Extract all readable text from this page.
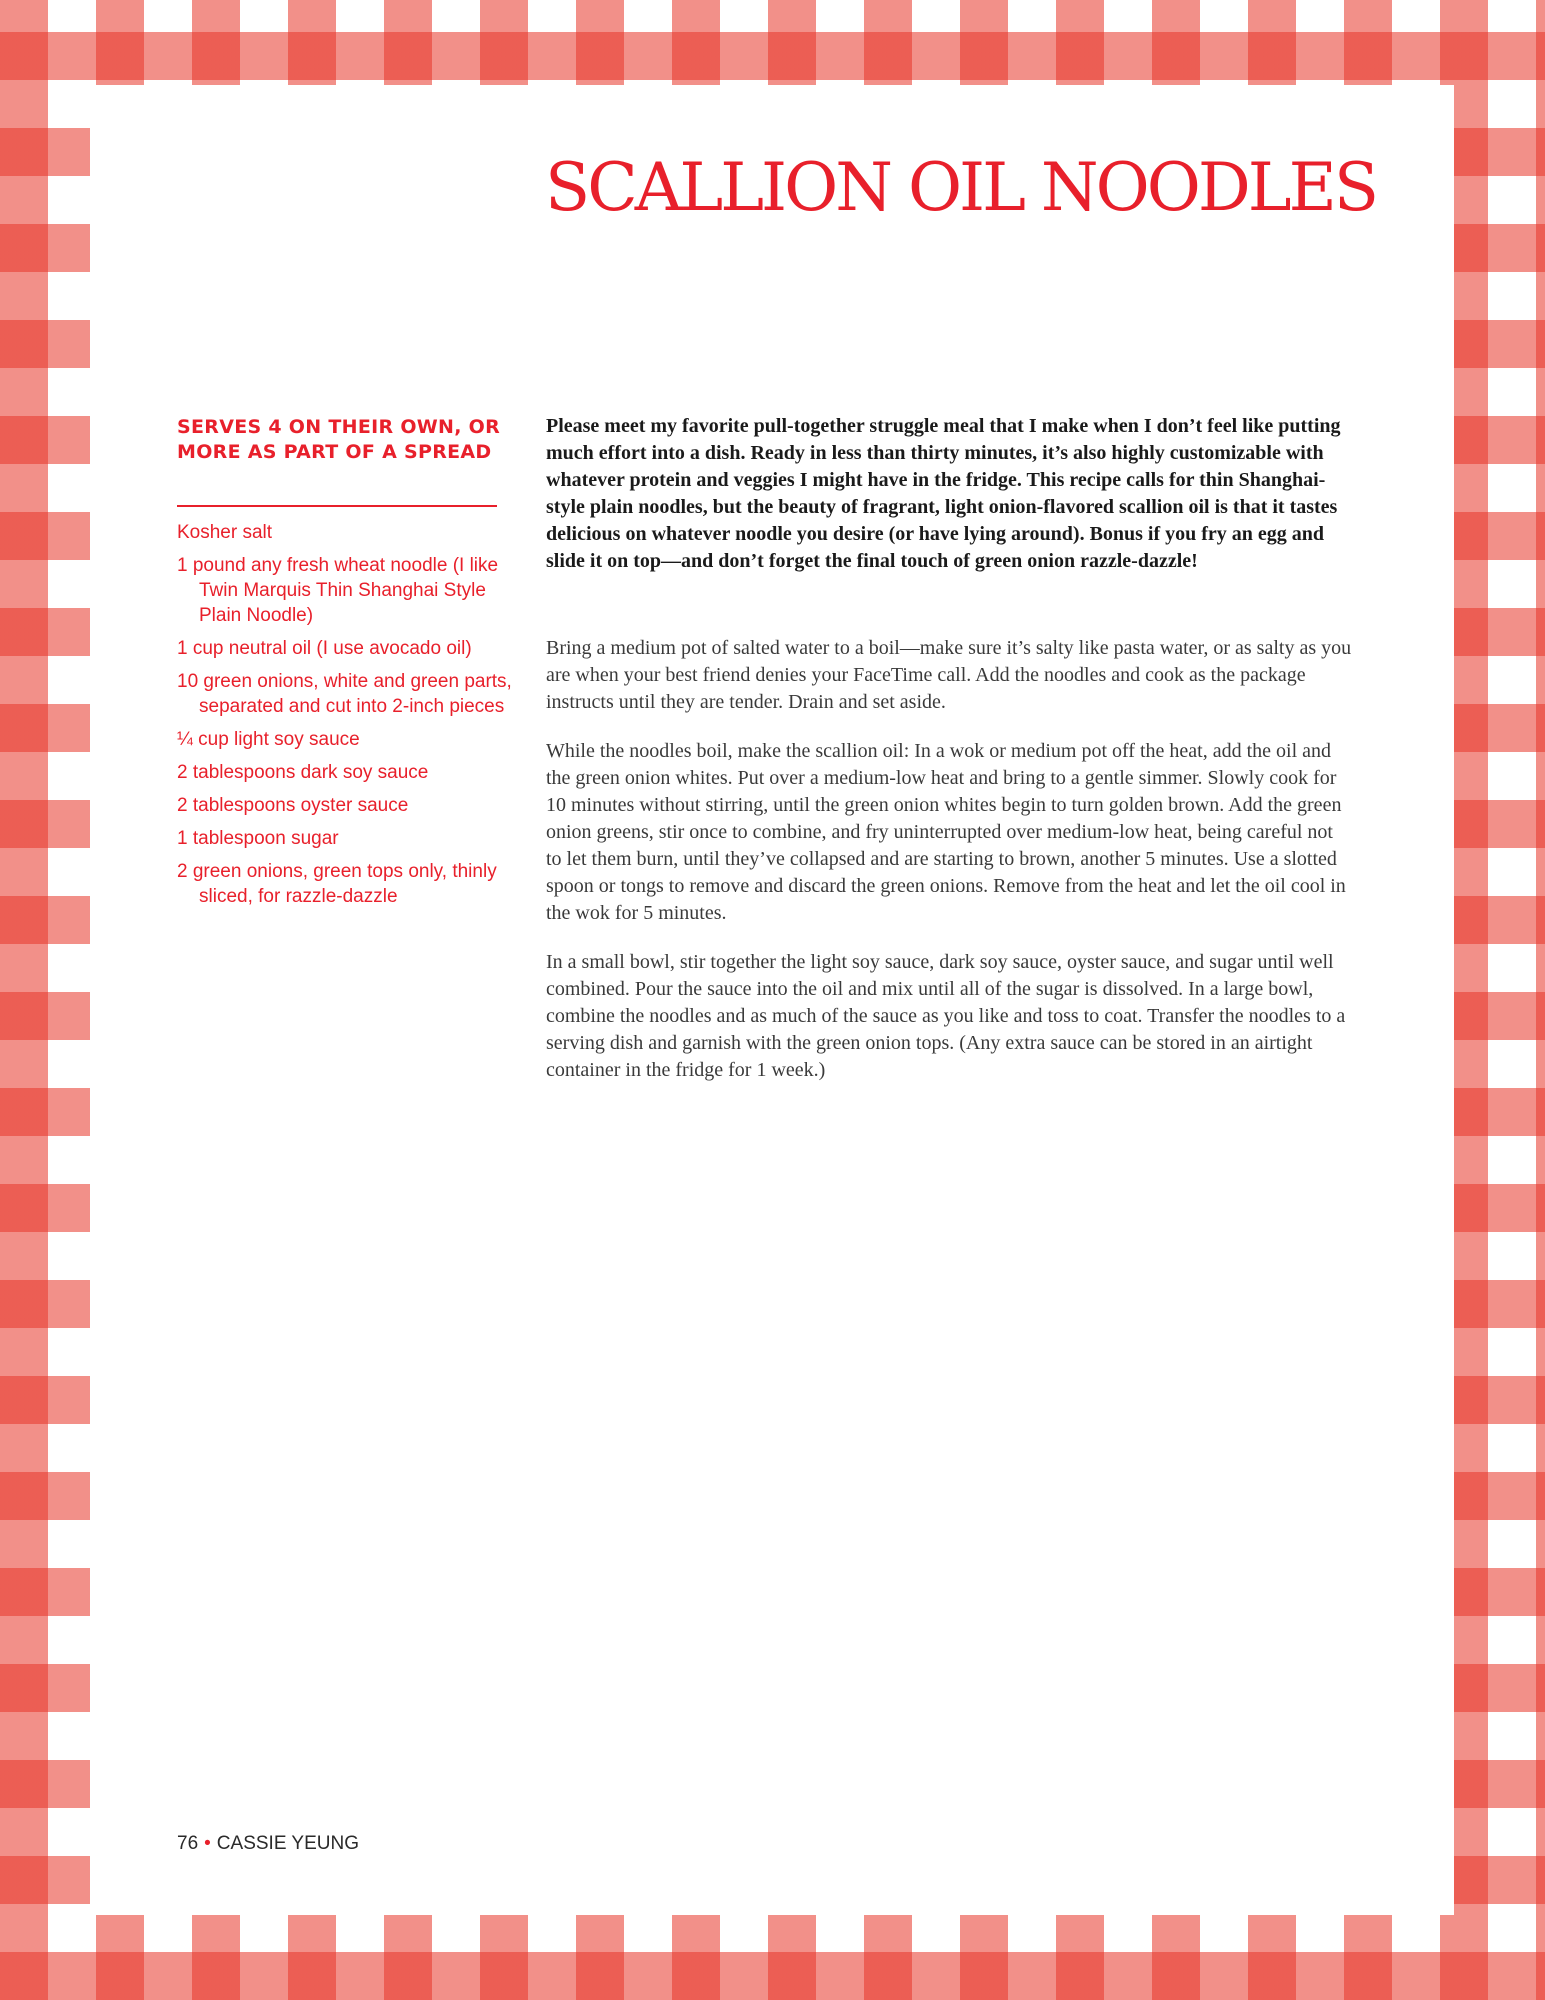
SCALLION OIL NOODLES
SERVES 4 ON THEIR OWN, OR MORE AS PART OF A SPREAD
Kosher salt
1 pound any fresh wheat noodle (I like Twin Marquis Thin Shanghai Style Plain Noodle)
1 cup neutral oil (I use avocado oil)
10 green onions, white and green parts, separated and cut into 2-inch pieces
¼ cup light soy sauce
2 tablespoons dark soy sauce
2 tablespoons oyster sauce
1 tablespoon sugar
2 green onions, green tops only, thinly sliced, for razzle-dazzle

Please meet my favorite pull-together struggle meal that I make when I don’t feel like putting much effort into a dish. Ready in less than thirty minutes, it’s also highly customizable with whatever protein and veggies I might have in the fridge. This recipe calls for thin Shanghai-style plain noodles, but the beauty of fragrant, light onion-flavored scallion oil is that it tastes delicious on whatever noodle you desire (or have lying around). Bonus if you fry an egg and slide it on top—and don’t forget the final touch of green onion razzle-dazzle!

Bring a medium pot of salted water to a boil—make sure it’s salty like pasta water, or as salty as you are when your best friend denies your FaceTime call. Add the noodles and cook as the package instructs until they are tender. Drain and set aside.

While the noodles boil, make the scallion oil: In a wok or medium pot off the heat, add the oil and the green onion whites. Put over a medium-low heat and bring to a gentle simmer. Slowly cook for 10 minutes without stirring, until the green onion whites begin to turn golden brown. Add the green onion greens, stir once to combine, and fry uninterrupted over medium-low heat, being careful not to let them burn, until they’ve collapsed and are starting to brown, another 5 minutes. Use a slotted spoon or tongs to remove and discard the green onions. Remove from the heat and let the oil cool in the wok for 5 minutes.

In a small bowl, stir together the light soy sauce, dark soy sauce, oyster sauce, and sugar until well combined. Pour the sauce into the oil and mix until all of the sugar is dissolved. In a large bowl, combine the noodles and as much of the sauce as you like and toss to coat. Transfer the noodles to a serving dish and garnish with the green onion tops. (Any extra sauce can be stored in an airtight container in the fridge for 1 week.)

76 • CASSIE YEUNG
